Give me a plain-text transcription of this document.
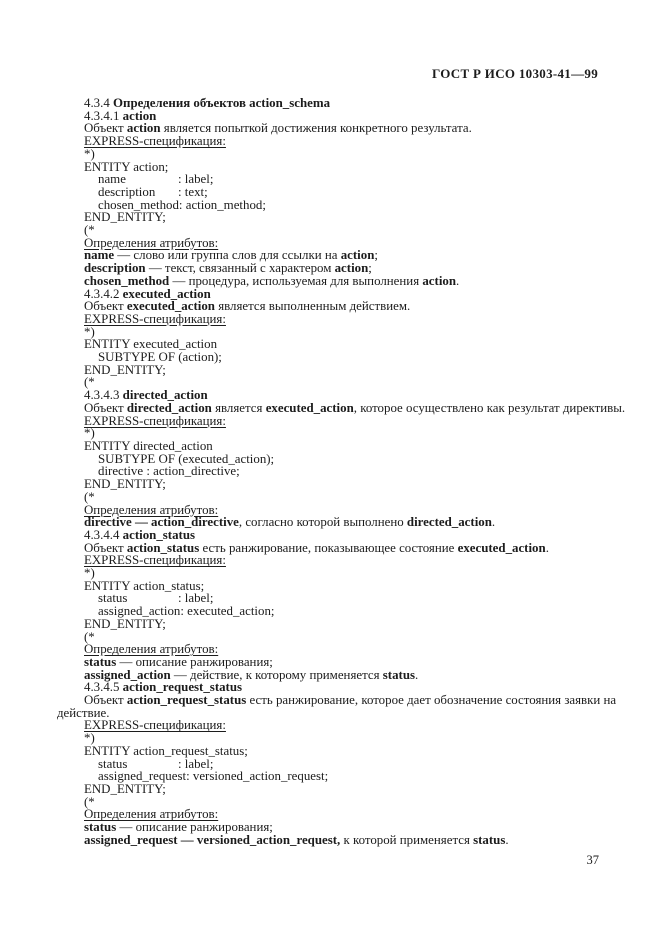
ГОСТ Р ИСО 10303-41—99
4.3.4 Определения объектов action_schema
4.3.4.1 action
Объект action является попыткой достижения конкретного результата.
EXPRESS-спецификация:
*)
ENTITY action;
name	: label;
description : text;
chosen_method: action_method;
END_ENTITY;
(*
Определения атрибутов:
name — слово или группа слов для ссылки на action;
description — текст, связанный с характером action;
chosen_method — процедура, используемая для выполнения action.
4.3.4.2 executed_action
Объект executed_action является выполненным действием.
EXPRESS-спецификация:
*)
ENTITY executed_action
SUBTYPE OF (action);
END_ENTITY;
(*
4.3.4.3 directed_action
Объект directed_action является executed_action, которое осуществлено как результат директивы.
EXPRESS-спецификация:
*)
ENTITY directed_action
SUBTYPE OF (executed_action);
directive : action_directive;
END_ENTITY;
(*
Определения атрибутов:
directive — action_directive, согласно которой выполнено directed_action.
4.3.4.4 action_status
Объект action_status есть ранжирование, показывающее состояние executed_action.
EXPRESS-спецификация:
*)
ENTITY action_status;
status	: label;
assigned_action: executed_action;
END_ENTITY;
(*
Определения атрибутов:
status — описание ранжирования;
assigned_action — действие, к которому применяется status.
4.3.4.5 action_request_status
Объект action_request_status есть ранжирование, которое дает обозначение состояния заявки на
действие.
EXPRESS-спецификация:
*)
ENTITY action_request_status;
status	: label;
assigned_request: versioned_action_request;
END_ENTITY;
(*
Определения атрибутов:
status — описание ранжирования;
assigned_request — versioned_action_request, к которой применяется status.
37
